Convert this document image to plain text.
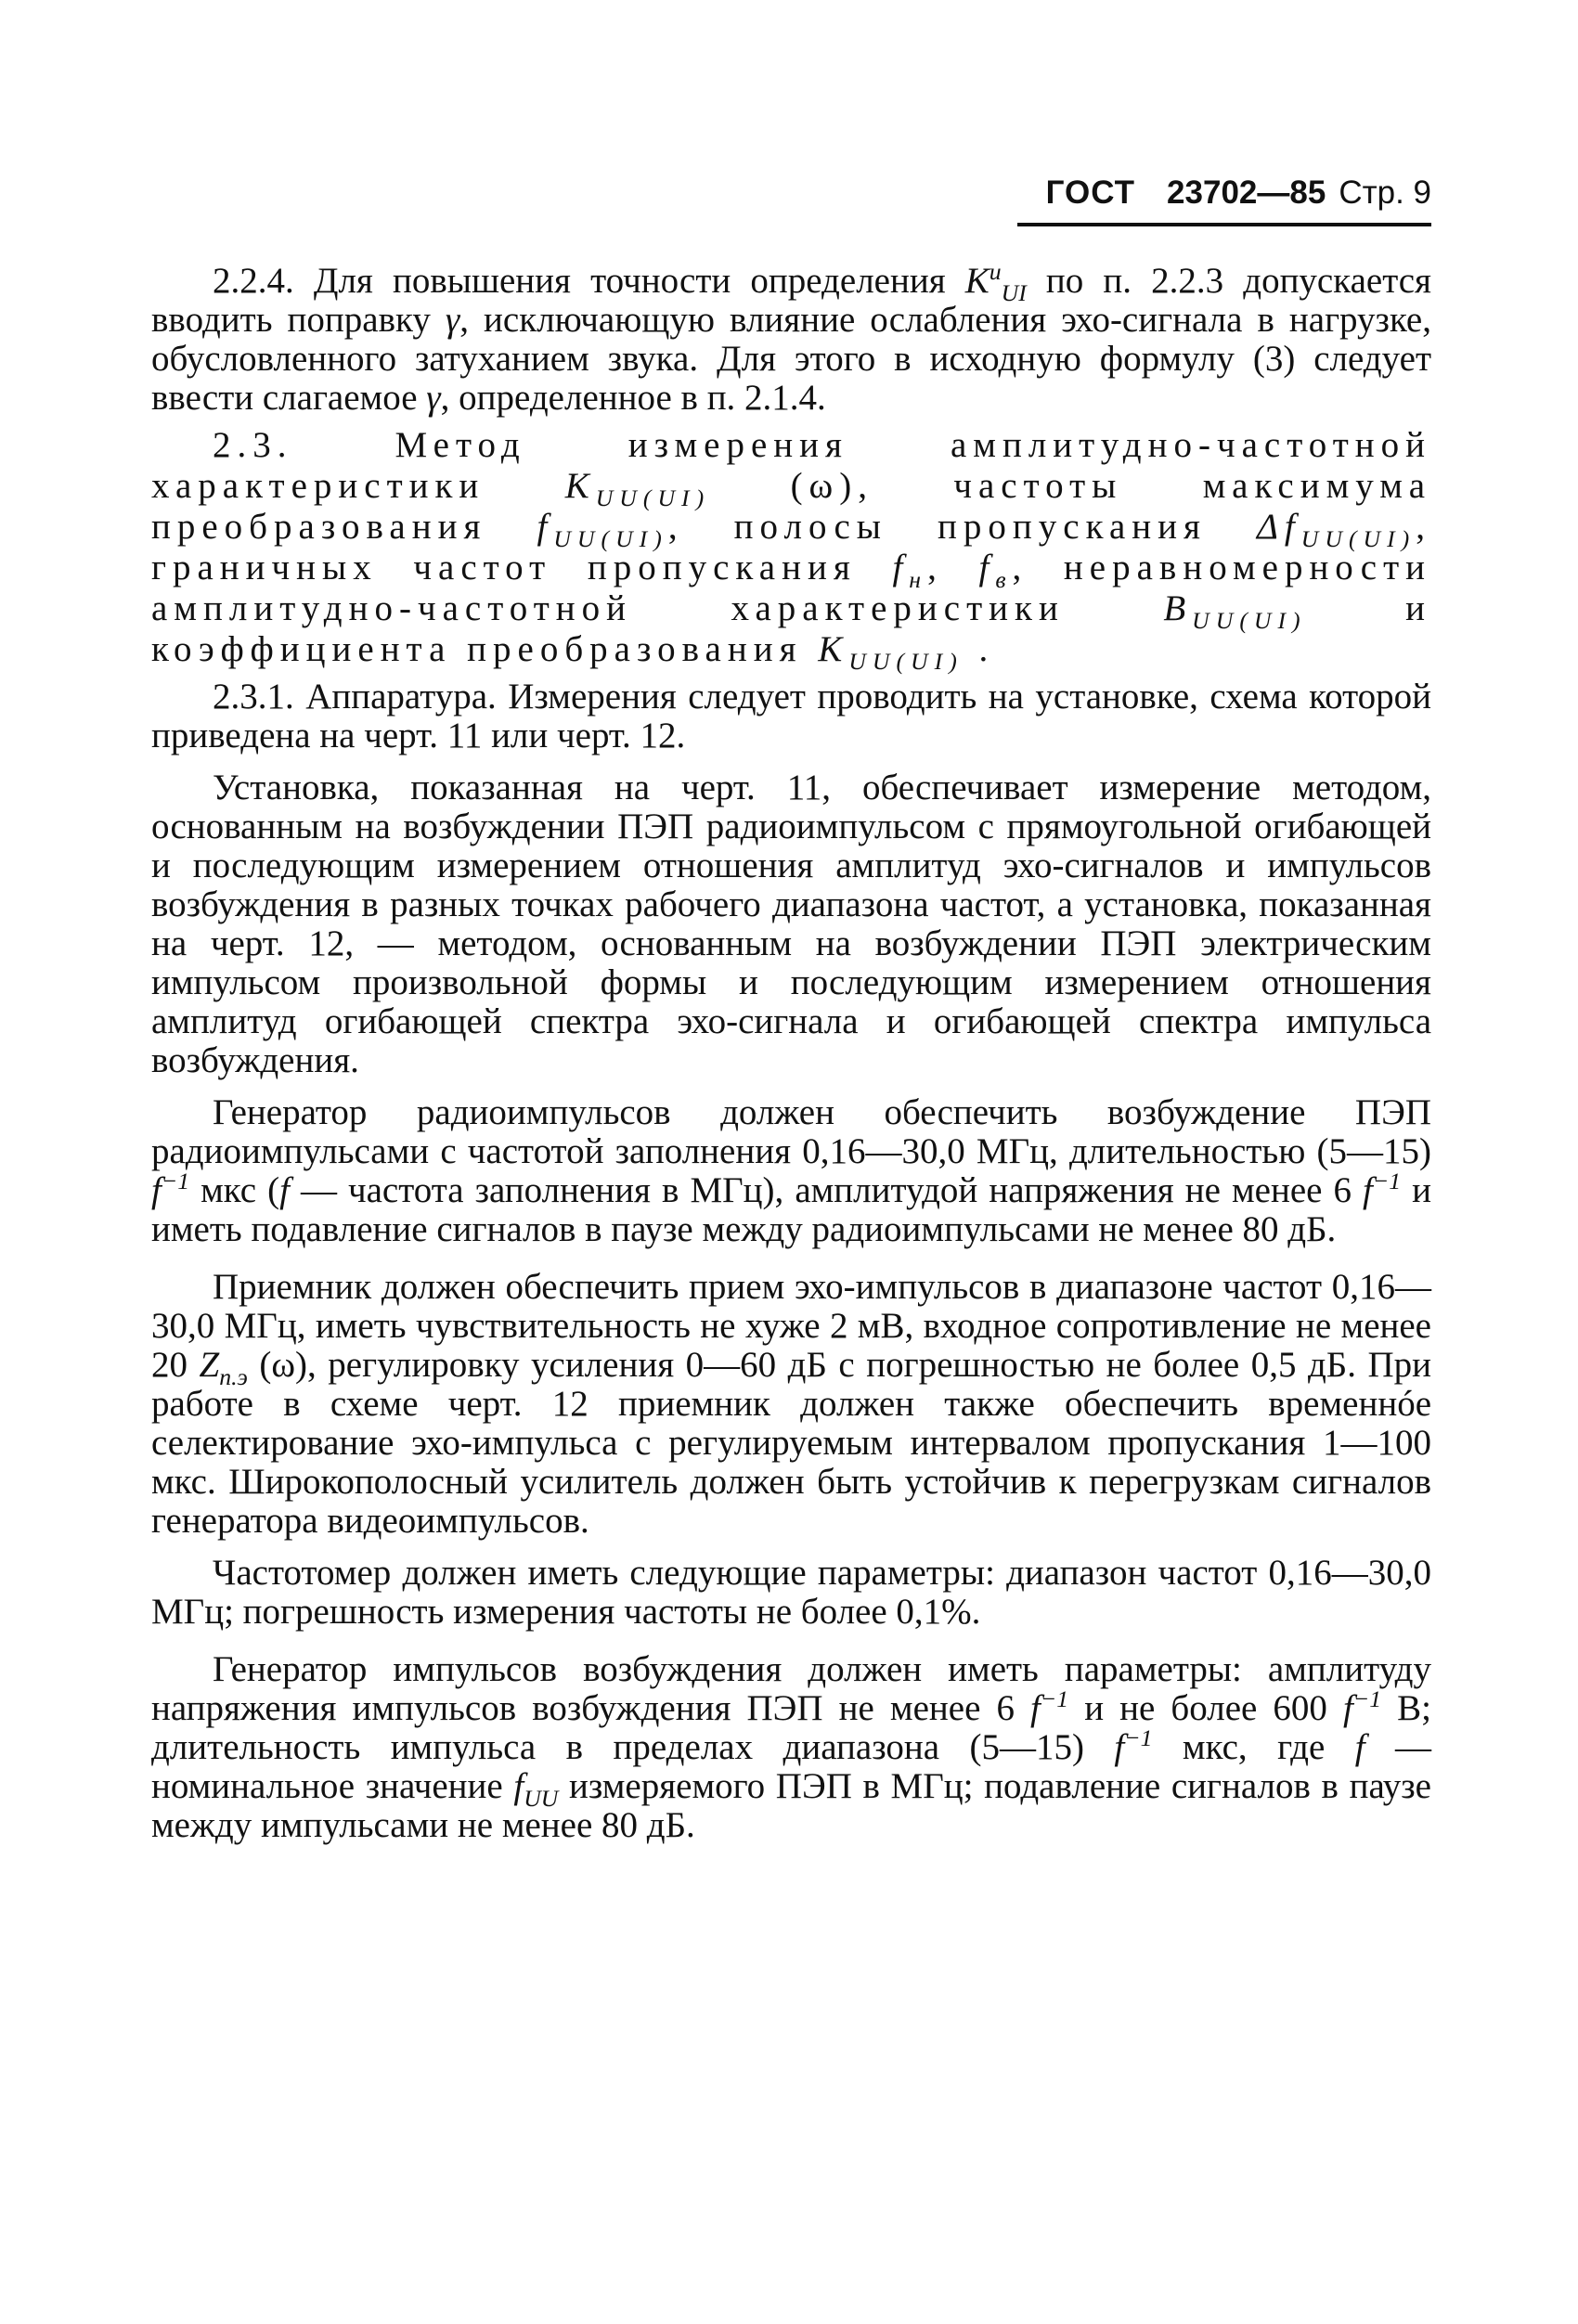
ГОСТ 23702—85 Стр. 9

2.2.4. Для повышения точности определения $K^и_{UI}$ по п. 2.2.3 допускается вводить поправку γ, исключающую влияние ослабления эхо-сигнала в нагрузке, обусловленного затуханием звука. Для этого в исходную формулу (3) следует ввести слагаемое γ, определенное в п. 2.1.4.

2.3. Метод измерения амплитудно-частотной характеристики $K_{UU(UI)}$ (ω), частоты максимума преобразования $f_{UU(UI)}$, полосы пропускания $\Delta f_{UU(UI)}$, граничных частот пропускания $f_н$, $f_в$, неравномерности амплитудно-частотной характеристики $B_{UU(UI)}$ и коэффициента преобразования $K_{UU(UI)}$ .

2.3.1. Аппаратура. Измерения следует проводить на установке, схема которой приведена на черт. 11 или черт. 12.

Установка, показанная на черт. 11, обеспечивает измерение методом, основанным на возбуждении ПЭП радиоимпульсом с прямоугольной огибающей и последующим измерением отношения амплитуд эхо-сигналов и импульсов возбуждения в разных точках рабочего диапазона частот, а установка, показанная на черт. 12, — методом, основанным на возбуждении ПЭП электрическим импульсом произвольной формы и последующим измерением отношения амплитуд огибающей спектра эхо-сигнала и огибающей спектра импульса возбуждения.

Генератор радиоимпульсов должен обеспечить возбуждение ПЭП радиоимпульсами с частотой заполнения 0,16—30,0 МГц, длительностью (5—15) $f^{-1}$ мкс (f — частота заполнения в МГц), амплитудой напряжения не менее 6 $f^{-1}$ и иметь подавление сигналов в паузе между радиоимпульсами не менее 80 дБ.

Приемник должен обеспечить прием эхо-импульсов в диапазоне частот 0,16—30,0 МГц, иметь чувствительность не хуже 2 мВ, входное сопротивление не менее 20 $Z_{п.э}$ (ω), регулировку усиления 0—60 дБ с погрешностью не более 0,5 дБ. При работе в схеме черт. 12 приемник должен также обеспечить временнóе селектирование эхо-импульса с регулируемым интервалом пропускания 1—100 мкс. Широкополосный усилитель должен быть устойчив к перегрузкам сигналов генератора видеоимпульсов.

Частотомер должен иметь следующие параметры: диапазон частот 0,16—30,0 МГц; погрешность измерения частоты не более 0,1%.

Генератор импульсов возбуждения должен иметь параметры: амплитуду напряжения импульсов возбуждения ПЭП не менее 6 $f^{-1}$ и не более 600 $f^{-1}$ В; длительность импульса в пределах диапазона (5—15) $f^{-1}$ мкс, где f — номинальное значение $f_{UU}$ измеряемого ПЭП в МГц; подавление сигналов в паузе между импульсами не менее 80 дБ.
